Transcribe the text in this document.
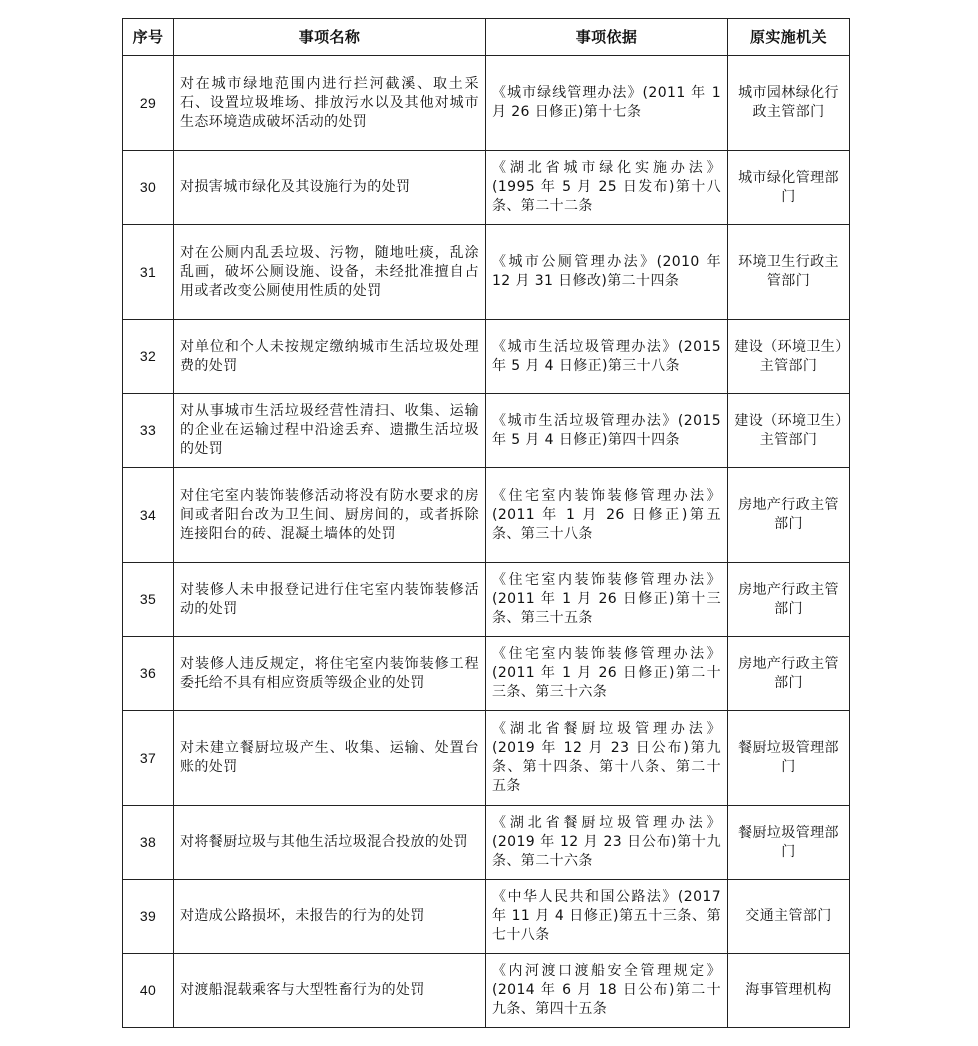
序号	事项名称	事项依据	原实施机关
29	对在城市绿地范围内进行拦河截溪、取土采石、设置垃圾堆场、排放污水以及其他对城市生态环境造成破坏活动的处罚	《城市绿线管理办法》(2011 年 1 月 26 日修正)第十七条	城市园林绿化行政主管部门
30	对损害城市绿化及其设施行为的处罚	《湖北省城市绿化实施办法》(1995 年 5 月 25 日发布)第十八条、第二十二条	城市绿化管理部门
31	对在公厕内乱丢垃圾、污物，随地吐痰，乱涂乱画，破坏公厕设施、设备，未经批准擅自占用或者改变公厕使用性质的处罚	《城市公厕管理办法》(2010 年 12 月 31 日修改)第二十四条	环境卫生行政主管部门
32	对单位和个人未按规定缴纳城市生活垃圾处理费的处罚	《城市生活垃圾管理办法》(2015 年 5 月 4 日修正)第三十八条	建设（环境卫生）主管部门
33	对从事城市生活垃圾经营性清扫、收集、运输的企业在运输过程中沿途丢弃、遗撒生活垃圾的处罚	《城市生活垃圾管理办法》(2015 年 5 月 4 日修正)第四十四条	建设（环境卫生）主管部门
34	对住宅室内装饰装修活动将没有防水要求的房间或者阳台改为卫生间、厨房间的，或者拆除连接阳台的砖、混凝土墙体的处罚	《住宅室内装饰装修管理办法》(2011 年 1 月 26 日修正)第五条、第三十八条	房地产行政主管部门
35	对装修人未申报登记进行住宅室内装饰装修活动的处罚	《住宅室内装饰装修管理办法》(2011 年 1 月 26 日修正)第十三条、第三十五条	房地产行政主管部门
36	对装修人违反规定，将住宅室内装饰装修工程委托给不具有相应资质等级企业的处罚	《住宅室内装饰装修管理办法》(2011 年 1 月 26 日修正)第二十三条、第三十六条	房地产行政主管部门
37	对未建立餐厨垃圾产生、收集、运输、处置台账的处罚	《湖北省餐厨垃圾管理办法》(2019 年 12 月 23 日公布)第九条、第十四条、第十八条、第二十五条	餐厨垃圾管理部门
38	对将餐厨垃圾与其他生活垃圾混合投放的处罚	《湖北省餐厨垃圾管理办法》(2019 年 12 月 23 日公布)第十九条、第二十六条	餐厨垃圾管理部门
39	对造成公路损坏，未报告的行为的处罚	《中华人民共和国公路法》(2017 年 11 月 4 日修正)第五十三条、第七十八条	交通主管部门
40	对渡船混载乘客与大型牲畜行为的处罚	《内河渡口渡船安全管理规定》(2014 年 6 月 18 日公布)第二十九条、第四十五条	海事管理机构
